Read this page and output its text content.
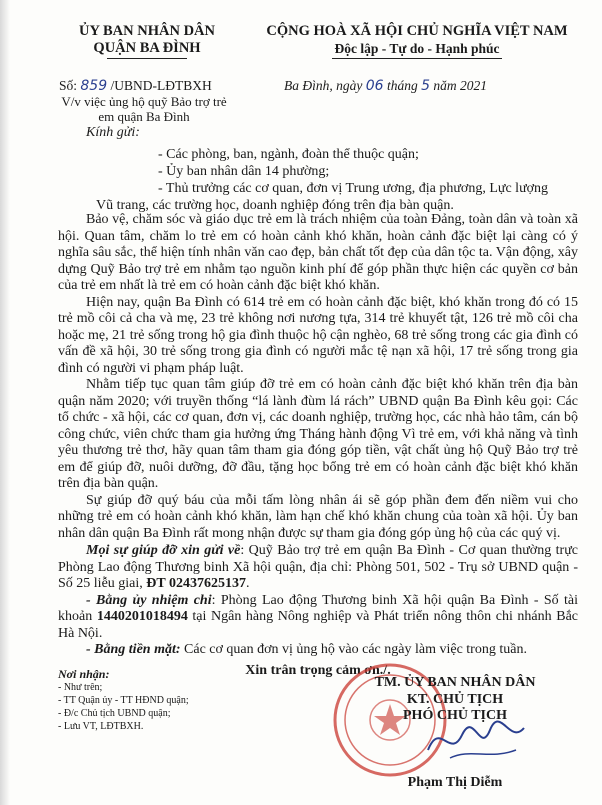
ỦY BAN NHÂN DÂN
QUẬN BA ĐÌNH
CỘNG HOÀ XÃ HỘI CHỦ NGHĨA VIỆT NAM
Độc lập - Tự do - Hạnh phúc
Số: 859 /UBND-LĐTBXH	Ba Đình, ngày 06 tháng 5 năm 2021
V/v việc ủng hộ quỹ Bảo trợ trẻ em quận Ba Đình
Kính gửi:
- Các phòng, ban, ngành, đoàn thể thuộc quận;
- Ủy ban nhân dân 14 phường;
- Thủ trưởng các cơ quan, đơn vị Trung ương, địa phương, Lực lượng
Vũ trang, các trường học, doanh nghiệp đóng trên địa bàn quận.

Bảo vệ, chăm sóc và giáo dục trẻ em là trách nhiệm của toàn Đảng, toàn dân và toàn xã hội. Quan tâm, chăm lo trẻ em có hoàn cảnh khó khăn, hoàn cảnh đặc biệt lại càng có ý nghĩa sâu sắc, thể hiện tính nhân văn cao đẹp, bản chất tốt đẹp của dân tộc ta. Vận động, xây dựng Quỹ Bảo trợ trẻ em nhằm tạo nguồn kinh phí để góp phần thực hiện các quyền cơ bản của trẻ em nhất là trẻ em có hoàn cảnh đặc biệt khó khăn.

Hiện nay, quận Ba Đình có 614 trẻ em có hoàn cảnh đặc biệt, khó khăn trong đó có 15 trẻ mồ côi cả cha và mẹ, 23 trẻ không nơi nương tựa, 314 trẻ khuyết tật, 126 trẻ mồ côi cha hoặc mẹ, 21 trẻ sống trong hộ gia đình thuộc hộ cận nghèo, 68 trẻ sống trong các gia đình có vấn đề xã hội, 30 trẻ sống trong gia đình có người mắc tệ nạn xã hội, 17 trẻ sống trong gia đình có người vi phạm pháp luật.

Nhằm tiếp tục quan tâm giúp đỡ trẻ em có hoàn cảnh đặc biệt khó khăn trên địa bàn quận năm 2020; với truyền thống “lá lành đùm lá rách” UBND quận Ba Đình kêu gọi: Các tổ chức - xã hội, các cơ quan, đơn vị, các doanh nghiệp, trường học, các nhà hảo tâm, cán bộ công chức, viên chức tham gia hưởng ứng Tháng hành động Vì trẻ em, với khả năng và tình yêu thương trẻ thơ, hãy quan tâm tham gia đóng góp tiền, vật chất ủng hộ Quỹ Bảo trợ trẻ em để giúp đỡ, nuôi dưỡng, đỡ đầu, tặng học bổng trẻ em có hoàn cảnh đặc biệt khó khăn trên địa bàn quận.

Sự giúp đỡ quý báu của mỗi tấm lòng nhân ái sẽ góp phần đem đến niềm vui cho những trẻ em có hoàn cảnh khó khăn, làm hạn chế khó khăn chung của toàn xã hội. Ủy ban nhân dân quận Ba Đình rất mong nhận được sự tham gia đóng góp ủng hộ của các quý vị.

Mọi sự giúp đỡ xin gửi về: Quỹ Bảo trợ trẻ em quận Ba Đình - Cơ quan thường trực Phòng Lao động Thương binh Xã hội quận, địa chỉ: Phòng 501, 502 - Trụ sở UBND quận - Số 25 liễu giai, ĐT 02437625137.

- Bằng ủy nhiệm chi: Phòng Lao động Thương binh Xã hội quận Ba Đình - Số tài khoản 1440201018494 tại Ngân hàng Nông nghiệp và Phát triển nông thôn chi nhánh Bắc Hà Nội.

- Bằng tiền mặt: Các cơ quan đơn vị ủng hộ vào các ngày làm việc trong tuần.

Xin trân trọng cảm ơn./.
Nơi nhận:
- Như trên;
- TT Quận ủy - TT HĐND quận;
- Đ/c Chủ tịch UBND quận;
- Lưu VT, LĐTBXH.
TM. ỦY BAN NHÂN DÂN
KT. CHỦ TỊCH
PHÓ CHỦ TỊCH
Phạm Thị Diễm
